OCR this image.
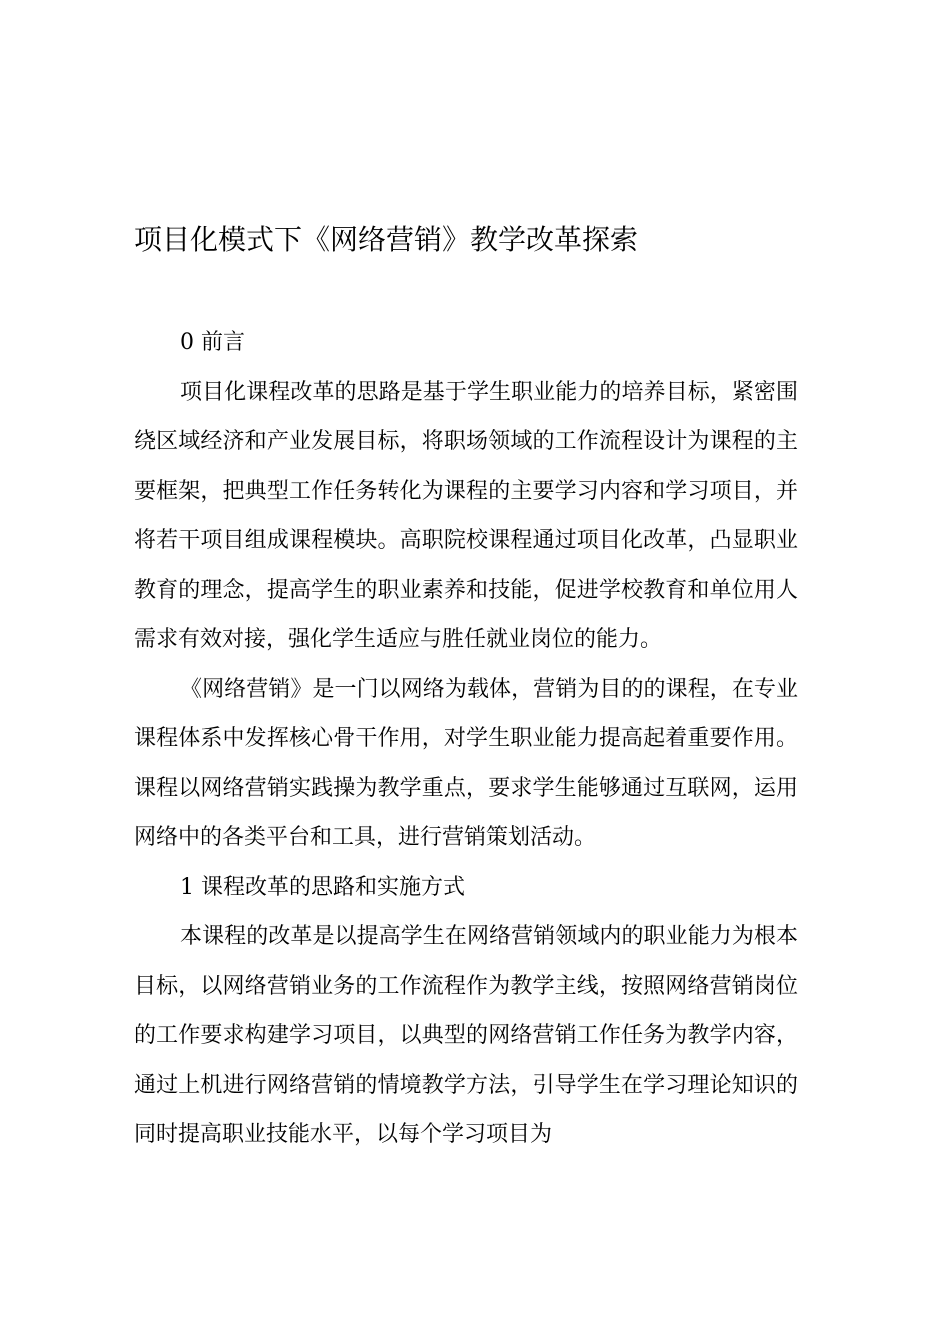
项目化模式下《网络营销》教学改革探索

0 前言

项目化课程改革的思路是基于学生职业能力的培养目标，紧密围绕区域经济和产业发展目标，将职场领域的工作流程设计为课程的主要框架，把典型工作任务转化为课程的主要学习内容和学习项目，并将若干项目组成课程模块。高职院校课程通过项目化改革，凸显职业教育的理念，提高学生的职业素养和技能，促进学校教育和单位用人需求有效对接，强化学生适应与胜任就业岗位的能力。

《网络营销》是一门以网络为载体，营销为目的的课程，在专业课程体系中发挥核心骨干作用，对学生职业能力提高起着重要作用。课程以网络营销实践操为教学重点，要求学生能够通过互联网，运用网络中的各类平台和工具，进行营销策划活动。

1 课程改革的思路和实施方式

本课程的改革是以提高学生在网络营销领域内的职业能力为根本目标，以网络营销业务的工作流程作为教学主线，按照网络营销岗位的工作要求构建学习项目，以典型的网络营销工作任务为教学内容，通过上机进行网络营销的情境教学方法，引导学生在学习理论知识的同时提高职业技能水平，以每个学习项目为
